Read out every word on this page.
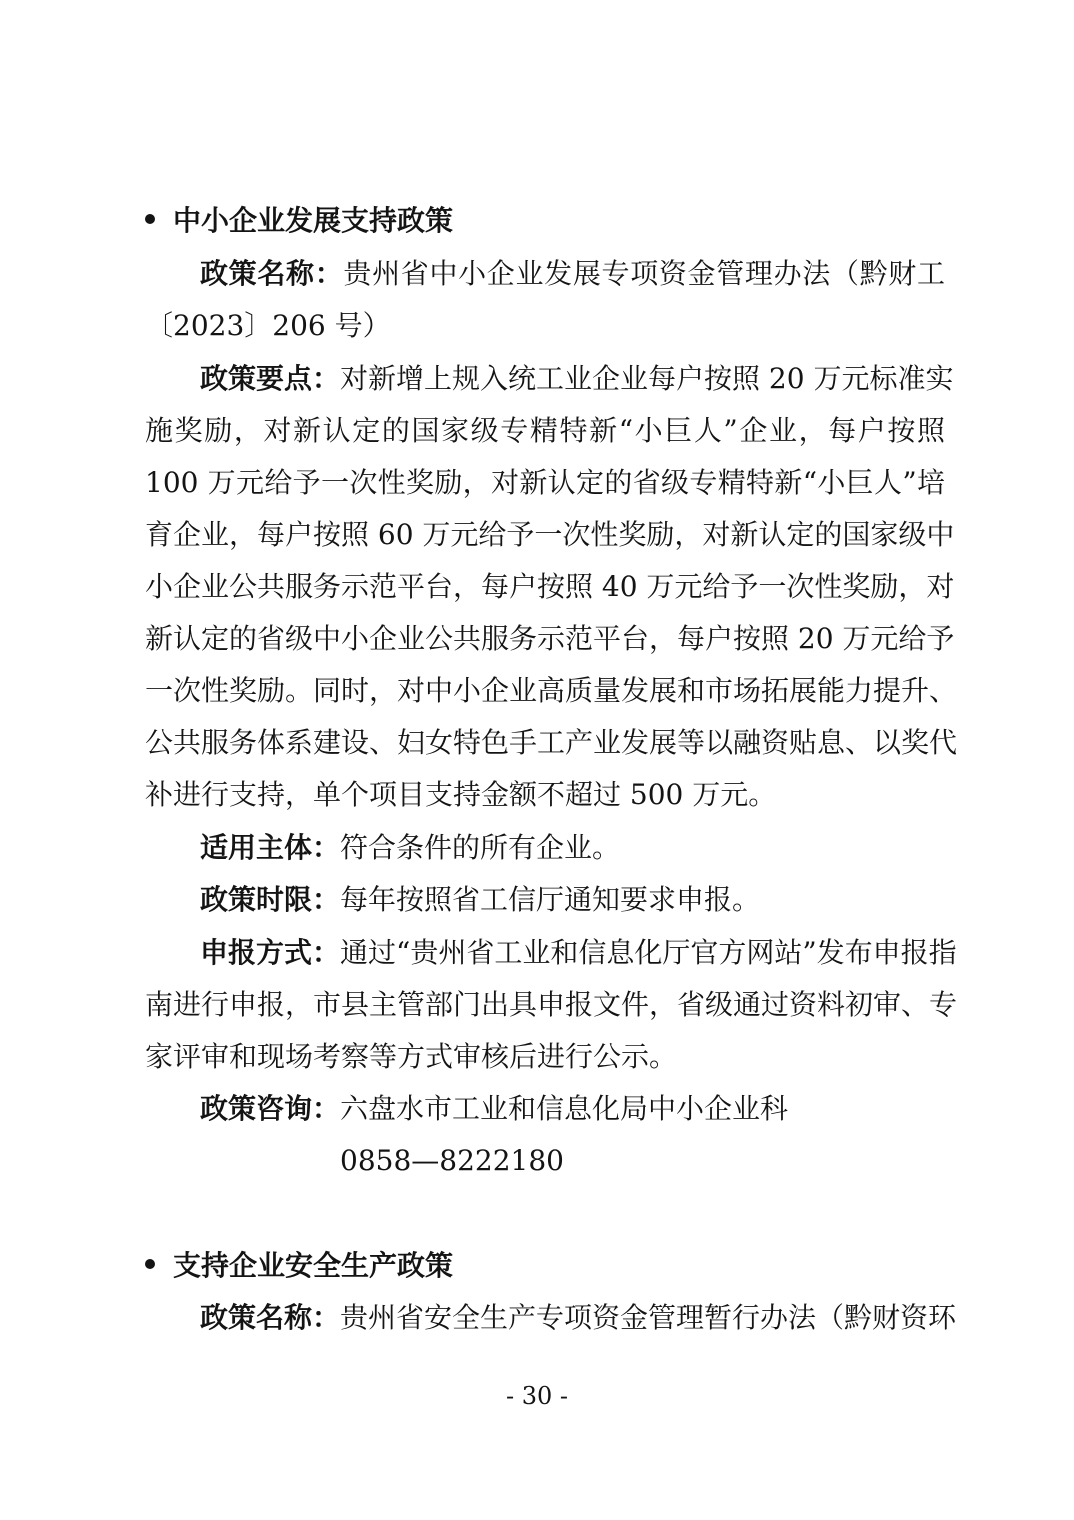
中小企业发展支持政策
政策名称：贵州省中小企业发展专项资金管理办法（黔财工
〔2023〕206 号）
政策要点：对新增上规入统工业企业每户按照 20 万元标准实
施奖励，对新认定的国家级专精特新“小巨人”企业，每户按照
100 万元给予一次性奖励，对新认定的省级专精特新“小巨人”培
育企业，每户按照 60 万元给予一次性奖励，对新认定的国家级中
小企业公共服务示范平台，每户按照 40 万元给予一次性奖励，对
新认定的省级中小企业公共服务示范平台，每户按照 20 万元给予
一次性奖励。同时，对中小企业高质量发展和市场拓展能力提升、
公共服务体系建设、妇女特色手工产业发展等以融资贴息、以奖代
补进行支持，单个项目支持金额不超过 500 万元。
适用主体：符合条件的所有企业。
政策时限：每年按照省工信厅通知要求申报。
申报方式：通过“贵州省工业和信息化厅官方网站”发布申报指
南进行申报，市县主管部门出具申报文件，省级通过资料初审、专
家评审和现场考察等方式审核后进行公示。
政策咨询：六盘水市工业和信息化局中小企业科
0858—8222180
支持企业安全生产政策
政策名称：贵州省安全生产专项资金管理暂行办法（黔财资环
- 30 -
